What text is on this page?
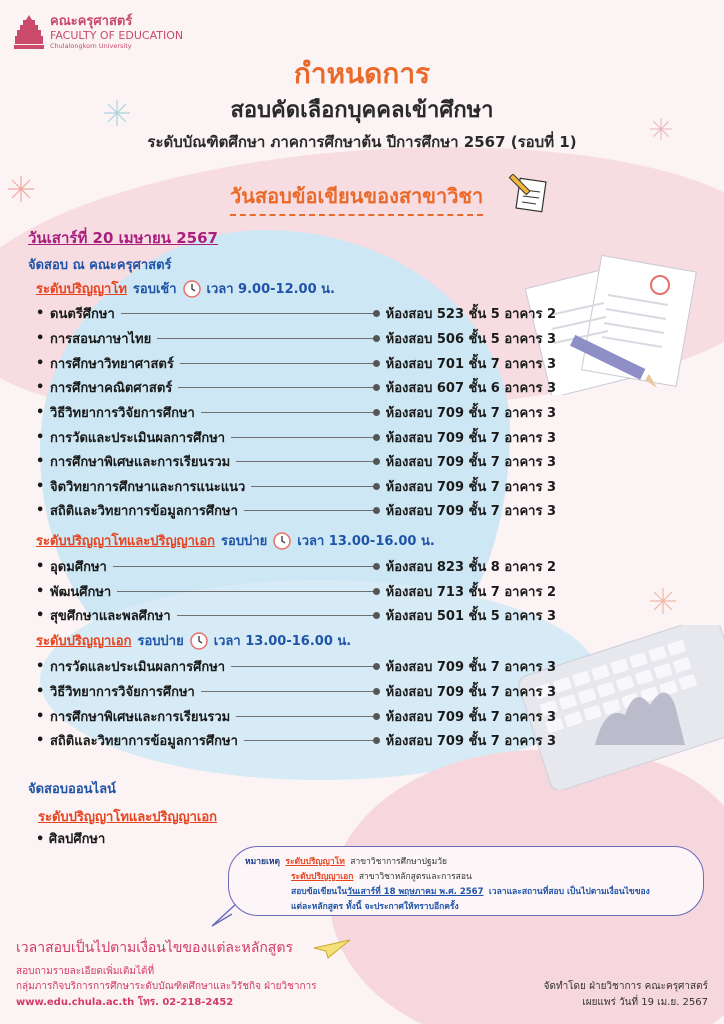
คณะครุศาสตร์
FACULTY OF EDUCATION
Chulalongkorn University
กำหนดการ
สอบคัดเลือกบุคคลเข้าศึกษา
ระดับบัณฑิตศึกษา ภาคการศึกษาต้น ปีการศึกษา 2567 (รอบที่ 1)
วันสอบข้อเขียนของสาขาวิชา
วันเสาร์ที่ 20 เมษายน 2567
จัดสอบ ณ คณะครุศาสตร์
ระดับปริญญาโท รอบเช้า เวลา 9.00-12.00 น.
• ดนตรีศึกษา	ห้องสอบ 523 ชั้น 5 อาคาร 2
• การสอนภาษาไทย	ห้องสอบ 506 ชั้น 5 อาคาร 3
• การศึกษาวิทยาศาสตร์	ห้องสอบ 701 ชั้น 7 อาคาร 3
• การศึกษาคณิตศาสตร์	ห้องสอบ 607 ชั้น 6 อาคาร 3
• วิธีวิทยาการวิจัยการศึกษา	ห้องสอบ 709 ชั้น 7 อาคาร 3
• การวัดและประเมินผลการศึกษา	ห้องสอบ 709 ชั้น 7 อาคาร 3
• การศึกษาพิเศษและการเรียนรวม	ห้องสอบ 709 ชั้น 7 อาคาร 3
• จิตวิทยาการศึกษาและการแนะแนว	ห้องสอบ 709 ชั้น 7 อาคาร 3
• สถิติและวิทยาการข้อมูลการศึกษา	ห้องสอบ 709 ชั้น 7 อาคาร 3
ระดับปริญญาโทและปริญญาเอก รอบบ่าย เวลา 13.00-16.00 น.
• อุดมศึกษา	ห้องสอบ 823 ชั้น 8 อาคาร 2
• พัฒนศึกษา	ห้องสอบ 713 ชั้น 7 อาคาร 2
• สุขศึกษาและพลศึกษา	ห้องสอบ 501 ชั้น 5 อาคาร 3
ระดับปริญญาเอก รอบบ่าย เวลา 13.00-16.00 น.
• การวัดและประเมินผลการศึกษา	ห้องสอบ 709 ชั้น 7 อาคาร 3
• วิธีวิทยาการวิจัยการศึกษา	ห้องสอบ 709 ชั้น 7 อาคาร 3
• การศึกษาพิเศษและการเรียนรวม	ห้องสอบ 709 ชั้น 7 อาคาร 3
• สถิติและวิทยาการข้อมูลการศึกษา	ห้องสอบ 709 ชั้น 7 อาคาร 3
จัดสอบออนไลน์
ระดับปริญญาโทและปริญญาเอก
• ศิลปศึกษา
หมายเหตุ ระดับปริญญาโท สาขาวิชาการศึกษาปฐมวัย
ระดับปริญญาเอก สาขาวิชาหลักสูตรและการสอน
สอบข้อเขียนในวันเสาร์ที่ 18 พฤษภาคม พ.ศ. 2567 เวลาและสถานที่สอบ เป็นไปตามเงื่อนไขของ
แต่ละหลักสูตร ทั้งนี้ จะประกาศให้ทราบอีกครั้ง
เวลาสอบเป็นไปตามเงื่อนไขของแต่ละหลักสูตร
สอบถามรายละเอียดเพิ่มเติมได้ที่
กลุ่มภารกิจบริการการศึกษาระดับบัณฑิตศึกษาและวิรัชกิจ ฝ่ายวิชาการ
www.edu.chula.ac.th โทร. 02-218-2452
จัดทำโดย ฝ่ายวิชาการ คณะครุศาสตร์
เผยแพร่ วันที่ 19 เม.ย. 2567
